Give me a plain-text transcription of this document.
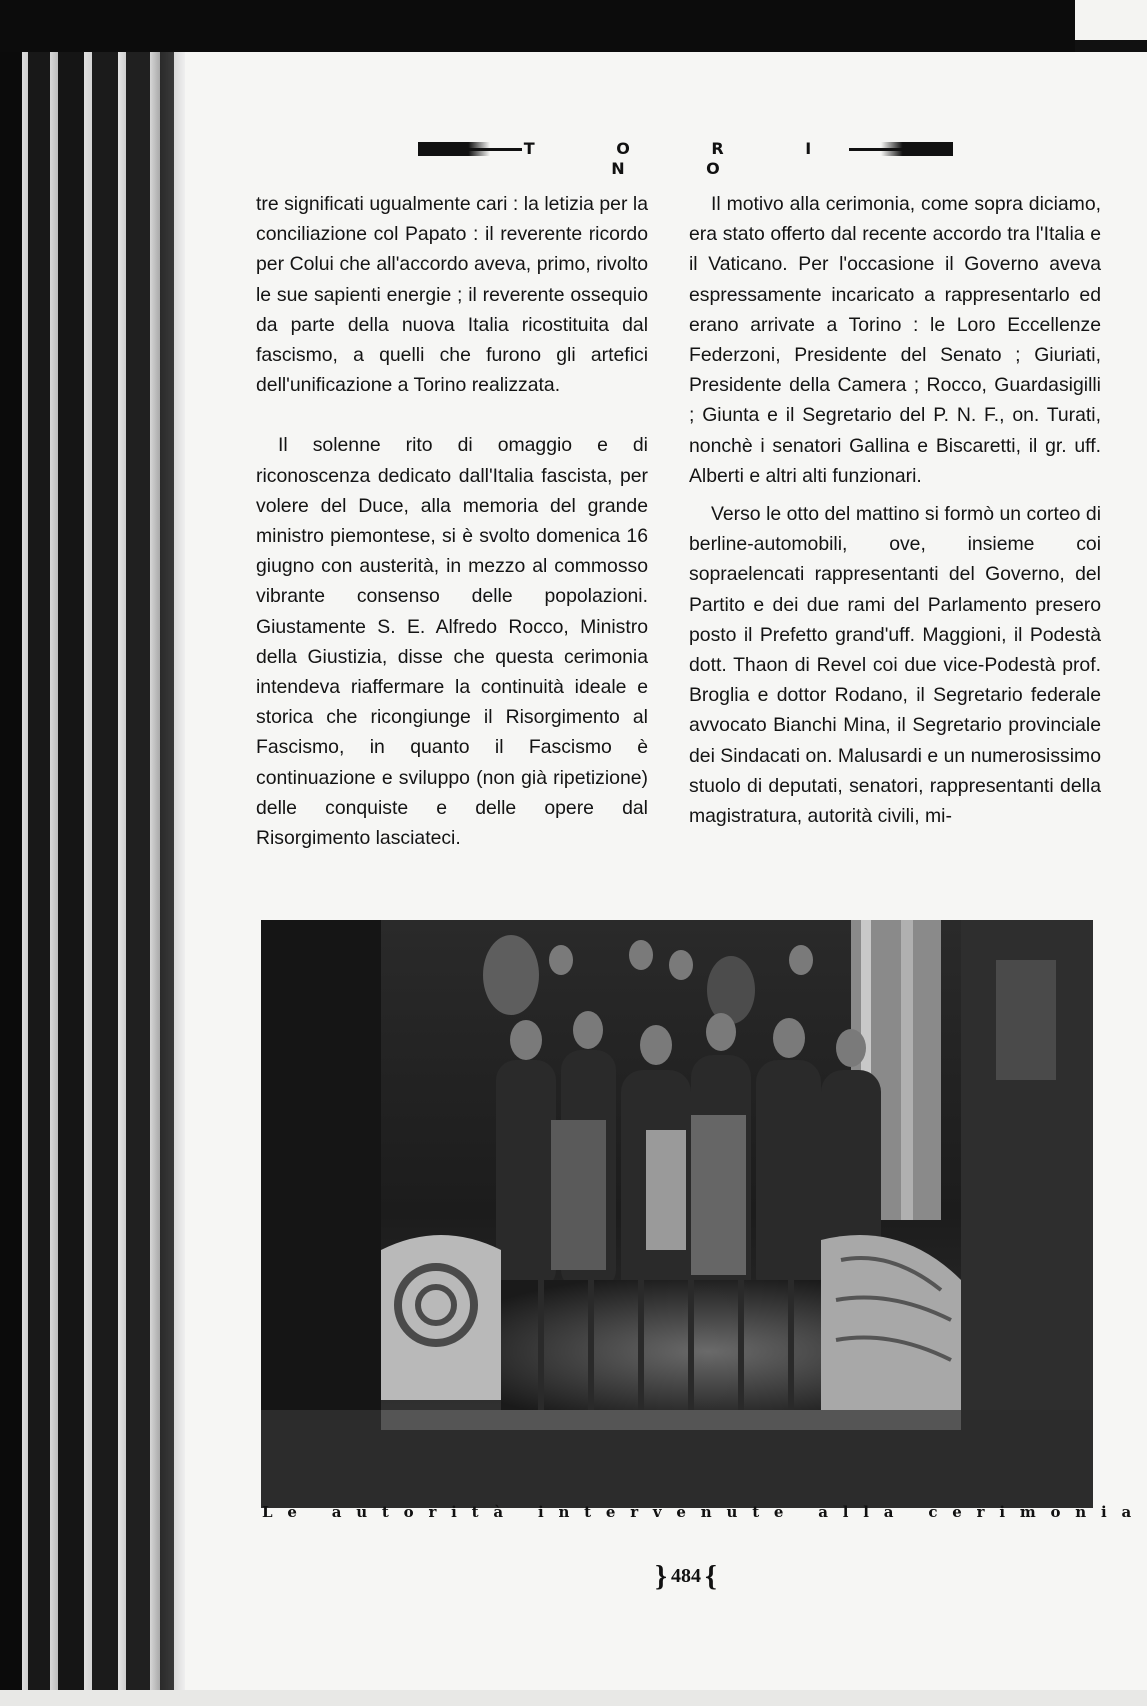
T O R I N O

tre significati ugualmente cari : la letizia per la conciliazione col Papato : il reverente ricordo per Colui che all'accordo aveva, primo, rivolto le sue sapienti energie ; il reverente ossequio da parte della nuova Italia ricostituita dal fascismo, a quelli che furono gli artefici dell'unificazione a Torino realizzata.

Il solenne rito di omaggio e di riconoscenza dedicato dall'Italia fascista, per volere del Duce, alla memoria del grande ministro piemontese, si è svolto domenica 16 giugno con austerità, in mezzo al commosso vibrante consenso delle popolazioni. Giustamente S. E. Alfredo Rocco, Ministro della Giustizia, disse che questa cerimonia intendeva riaffermare la continuità ideale e storica che ricongiunge il Risorgimento al Fascismo, in quanto il Fascismo è continuazione e sviluppo (non già ripetizione) delle conquiste e delle opere dal Risorgimento lasciateci.

Il motivo alla cerimonia, come sopra diciamo, era stato offerto dal recente accordo tra l'Italia e il Vaticano. Per l'occasione il Governo aveva espressamente incaricato a rappresentarlo ed erano arrivate a Torino : le Loro Eccellenze Federzoni, Presidente del Senato ; Giuriati, Presidente della Camera ; Rocco, Guardasigilli ; Giunta e il Segretario del P. N. F., on. Turati, nonchè i senatori Gallina e Biscaretti, il gr. uff. Alberti e altri alti funzionari.

Verso le otto del mattino si formò un corteo di berline-automobili, ove, insieme coi sopraelencati rappresentanti del Governo, del Partito e dei due rami del Parlamento presero posto il Prefetto grand'uff. Maggioni, il Podestà dott. Thaon di Revel coi due vice-Podestà prof. Broglia e dottor Rodano, il Segretario federale avvocato Bianchi Mina, il Segretario provinciale dei Sindacati on. Malusardi e un numerosissimo stuolo di deputati, senatori, rappresentanti della magistratura, autorità civili, mi-

Le autorità intervenute alla cerimonia
} 484 {
